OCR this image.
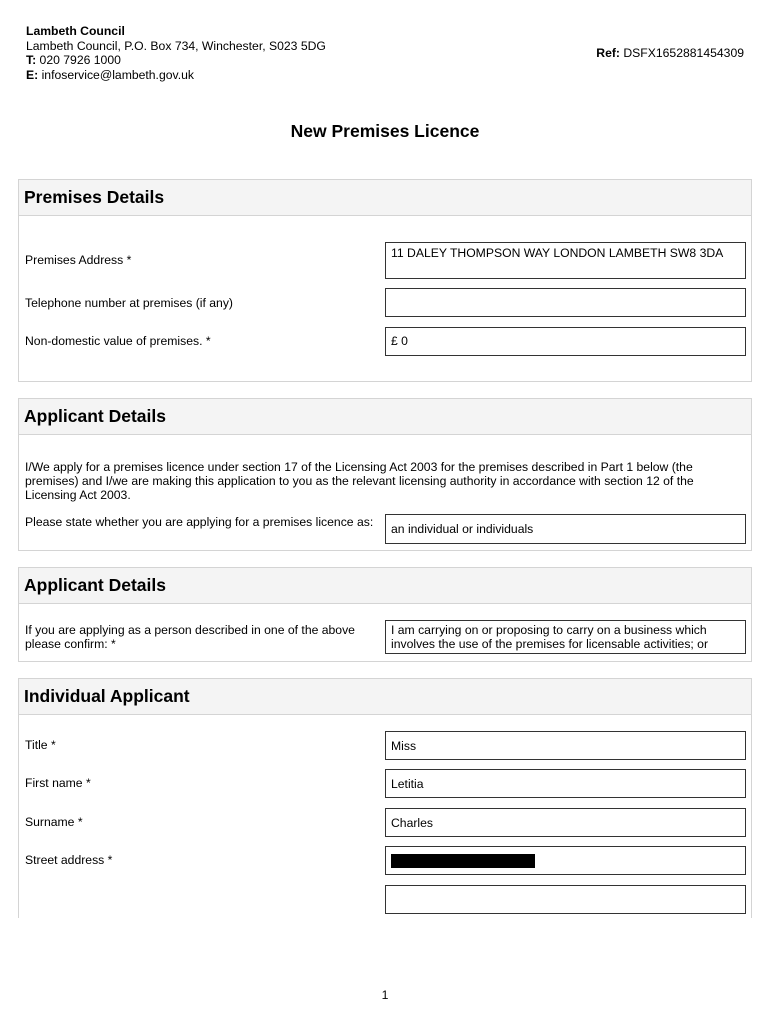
Lambeth Council
Lambeth Council, P.O. Box 734, Winchester, S023 5DG
T: 020 7926 1000
E: infoservice@lambeth.gov.uk
Ref: DSFX1652881454309
New Premises Licence
Premises Details
Premises Address *	11 DALEY THOMPSON WAY LONDON LAMBETH SW8 3DA
Telephone number at premises (if any)
Non-domestic value of premises. *	£ 0
Applicant Details
I/We apply for a premises licence under section 17 of the Licensing Act 2003 for the premises described in Part 1 below (the premises) and I/we are making this application to you as the relevant licensing authority in accordance with section 12 of the Licensing Act 2003.
Please state whether you are applying for a premises licence as:	an individual or individuals
Applicant Details
If you are applying as a person described in one of the above please confirm: *
I am carrying on or proposing to carry on a business which involves the use of the premises for licensable activities; or
Individual Applicant
Title *	Miss
First name *	Letitia
Surname *	Charles
Street address *
1
